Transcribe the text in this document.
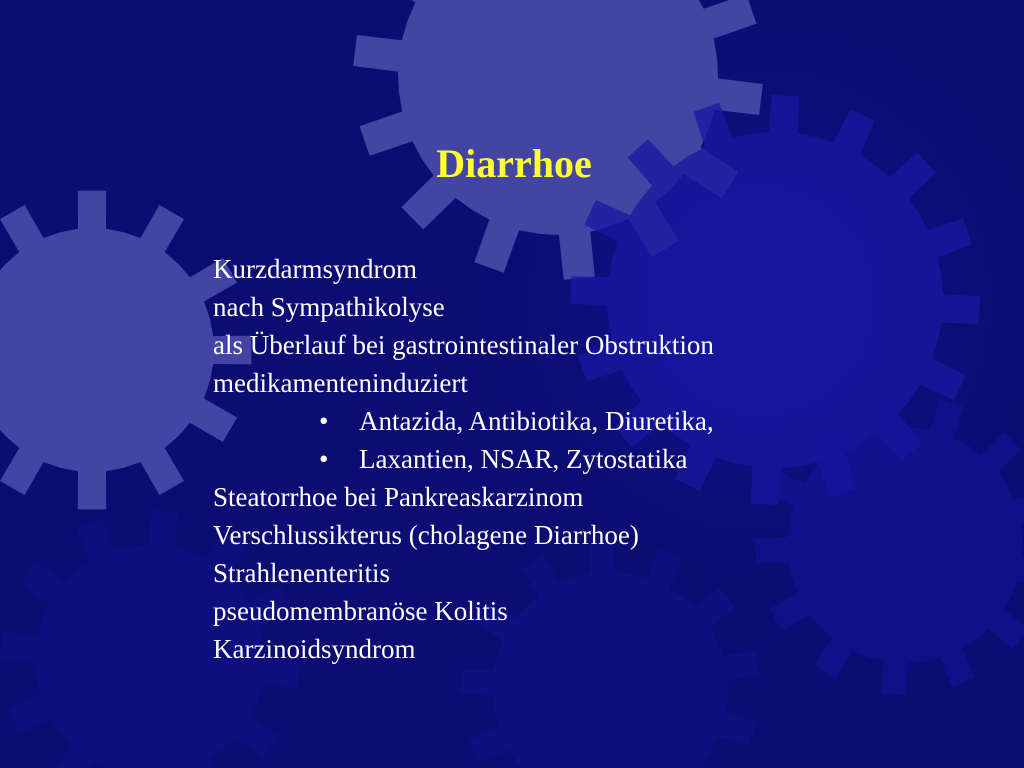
Diarrhoe
Kurzdarmsyndrom
nach Sympathikolyse
als Überlauf bei gastrointestinaler Obstruktion
medikamenteninduziert
• Antazida, Antibiotika, Diuretika,
• Laxantien, NSAR, Zytostatika
Steatorrhoe bei Pankreaskarzinom
Verschlussikterus (cholagene Diarrhoe)
Strahlenenteritis
pseudomembranöse Kolitis
Karzinoidsyndrom
